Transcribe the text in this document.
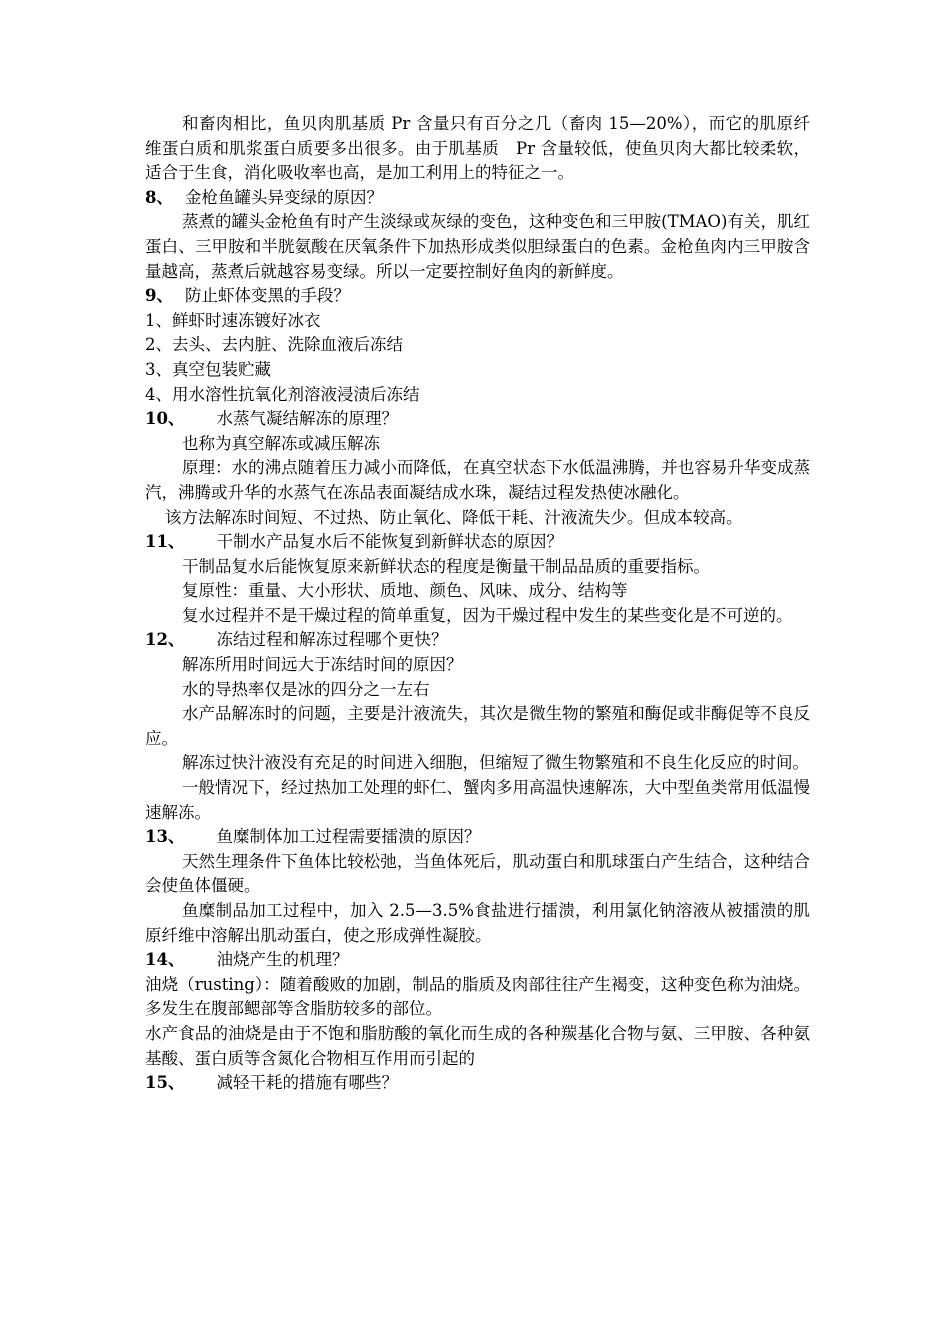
和畜肉相比，鱼贝肉肌基质 Pr 含量只有百分之几（畜肉 15—20%），而它的肌原纤维蛋白质和肌浆蛋白质要多出很多。由于肌基质　Pr 含量较低，使鱼贝肉大都比较柔软，适合于生食，消化吸收率也高，是加工利用上的特征之一。

8、 金枪鱼罐头异变绿的原因？

蒸煮的罐头金枪鱼有时产生淡绿或灰绿的变色，这种变色和三甲胺(TMAO)有关，肌红蛋白、三甲胺和半胱氨酸在厌氧条件下加热形成类似胆绿蛋白的色素。金枪鱼肉内三甲胺含量越高，蒸煮后就越容易变绿。所以一定要控制好鱼肉的新鲜度。

9、 防止虾体变黑的手段？

1、鲜虾时速冻镀好冰衣

2、去头、去内脏、洗除血液后冻结

3、真空包装贮藏

4、用水溶性抗氧化剂溶液浸渍后冻结

10、 水蒸气凝结解冻的原理？

也称为真空解冻或减压解冻

原理：水的沸点随着压力减小而降低，在真空状态下水低温沸腾，并也容易升华变成蒸汽，沸腾或升华的水蒸气在冻品表面凝结成水珠，凝结过程发热使冰融化。

该方法解冻时间短、不过热、防止氧化、降低干耗、汁液流失少。但成本较高。

11、 干制水产品复水后不能恢复到新鲜状态的原因？

干制品复水后能恢复原来新鲜状态的程度是衡量干制品品质的重要指标。

复原性：重量、大小形状、质地、颜色、风味、成分、结构等

复水过程并不是干燥过程的简单重复，因为干燥过程中发生的某些变化是不可逆的。

12、 冻结过程和解冻过程哪个更快？

解冻所用时间远大于冻结时间的原因？

水的导热率仅是冰的四分之一左右

水产品解冻时的问题，主要是汁液流失，其次是微生物的繁殖和酶促或非酶促等不良反应。

解冻过快汁液没有充足的时间进入细胞，但缩短了微生物繁殖和不良生化反应的时间。

一般情况下，经过热加工处理的虾仁、蟹肉多用高温快速解冻，大中型鱼类常用低温慢速解冻。

13、 鱼糜制体加工过程需要擂溃的原因？

天然生理条件下鱼体比较松弛，当鱼体死后，肌动蛋白和肌球蛋白产生结合，这种结合会使鱼体僵硬。

鱼糜制品加工过程中，加入 2.5—3.5%食盐进行擂溃，利用氯化钠溶液从被擂溃的肌原纤维中溶解出肌动蛋白，使之形成弹性凝胶。

14、 油烧产生的机理？

油烧（rusting）：随着酸败的加剧，制品的脂质及肉部往往产生褐变，这种变色称为油烧。多发生在腹部鳃部等含脂肪较多的部位。

水产食品的油烧是由于不饱和脂肪酸的氧化而生成的各种羰基化合物与氨、三甲胺、各种氨基酸、蛋白质等含氮化合物相互作用而引起的

15、 减轻干耗的措施有哪些？
